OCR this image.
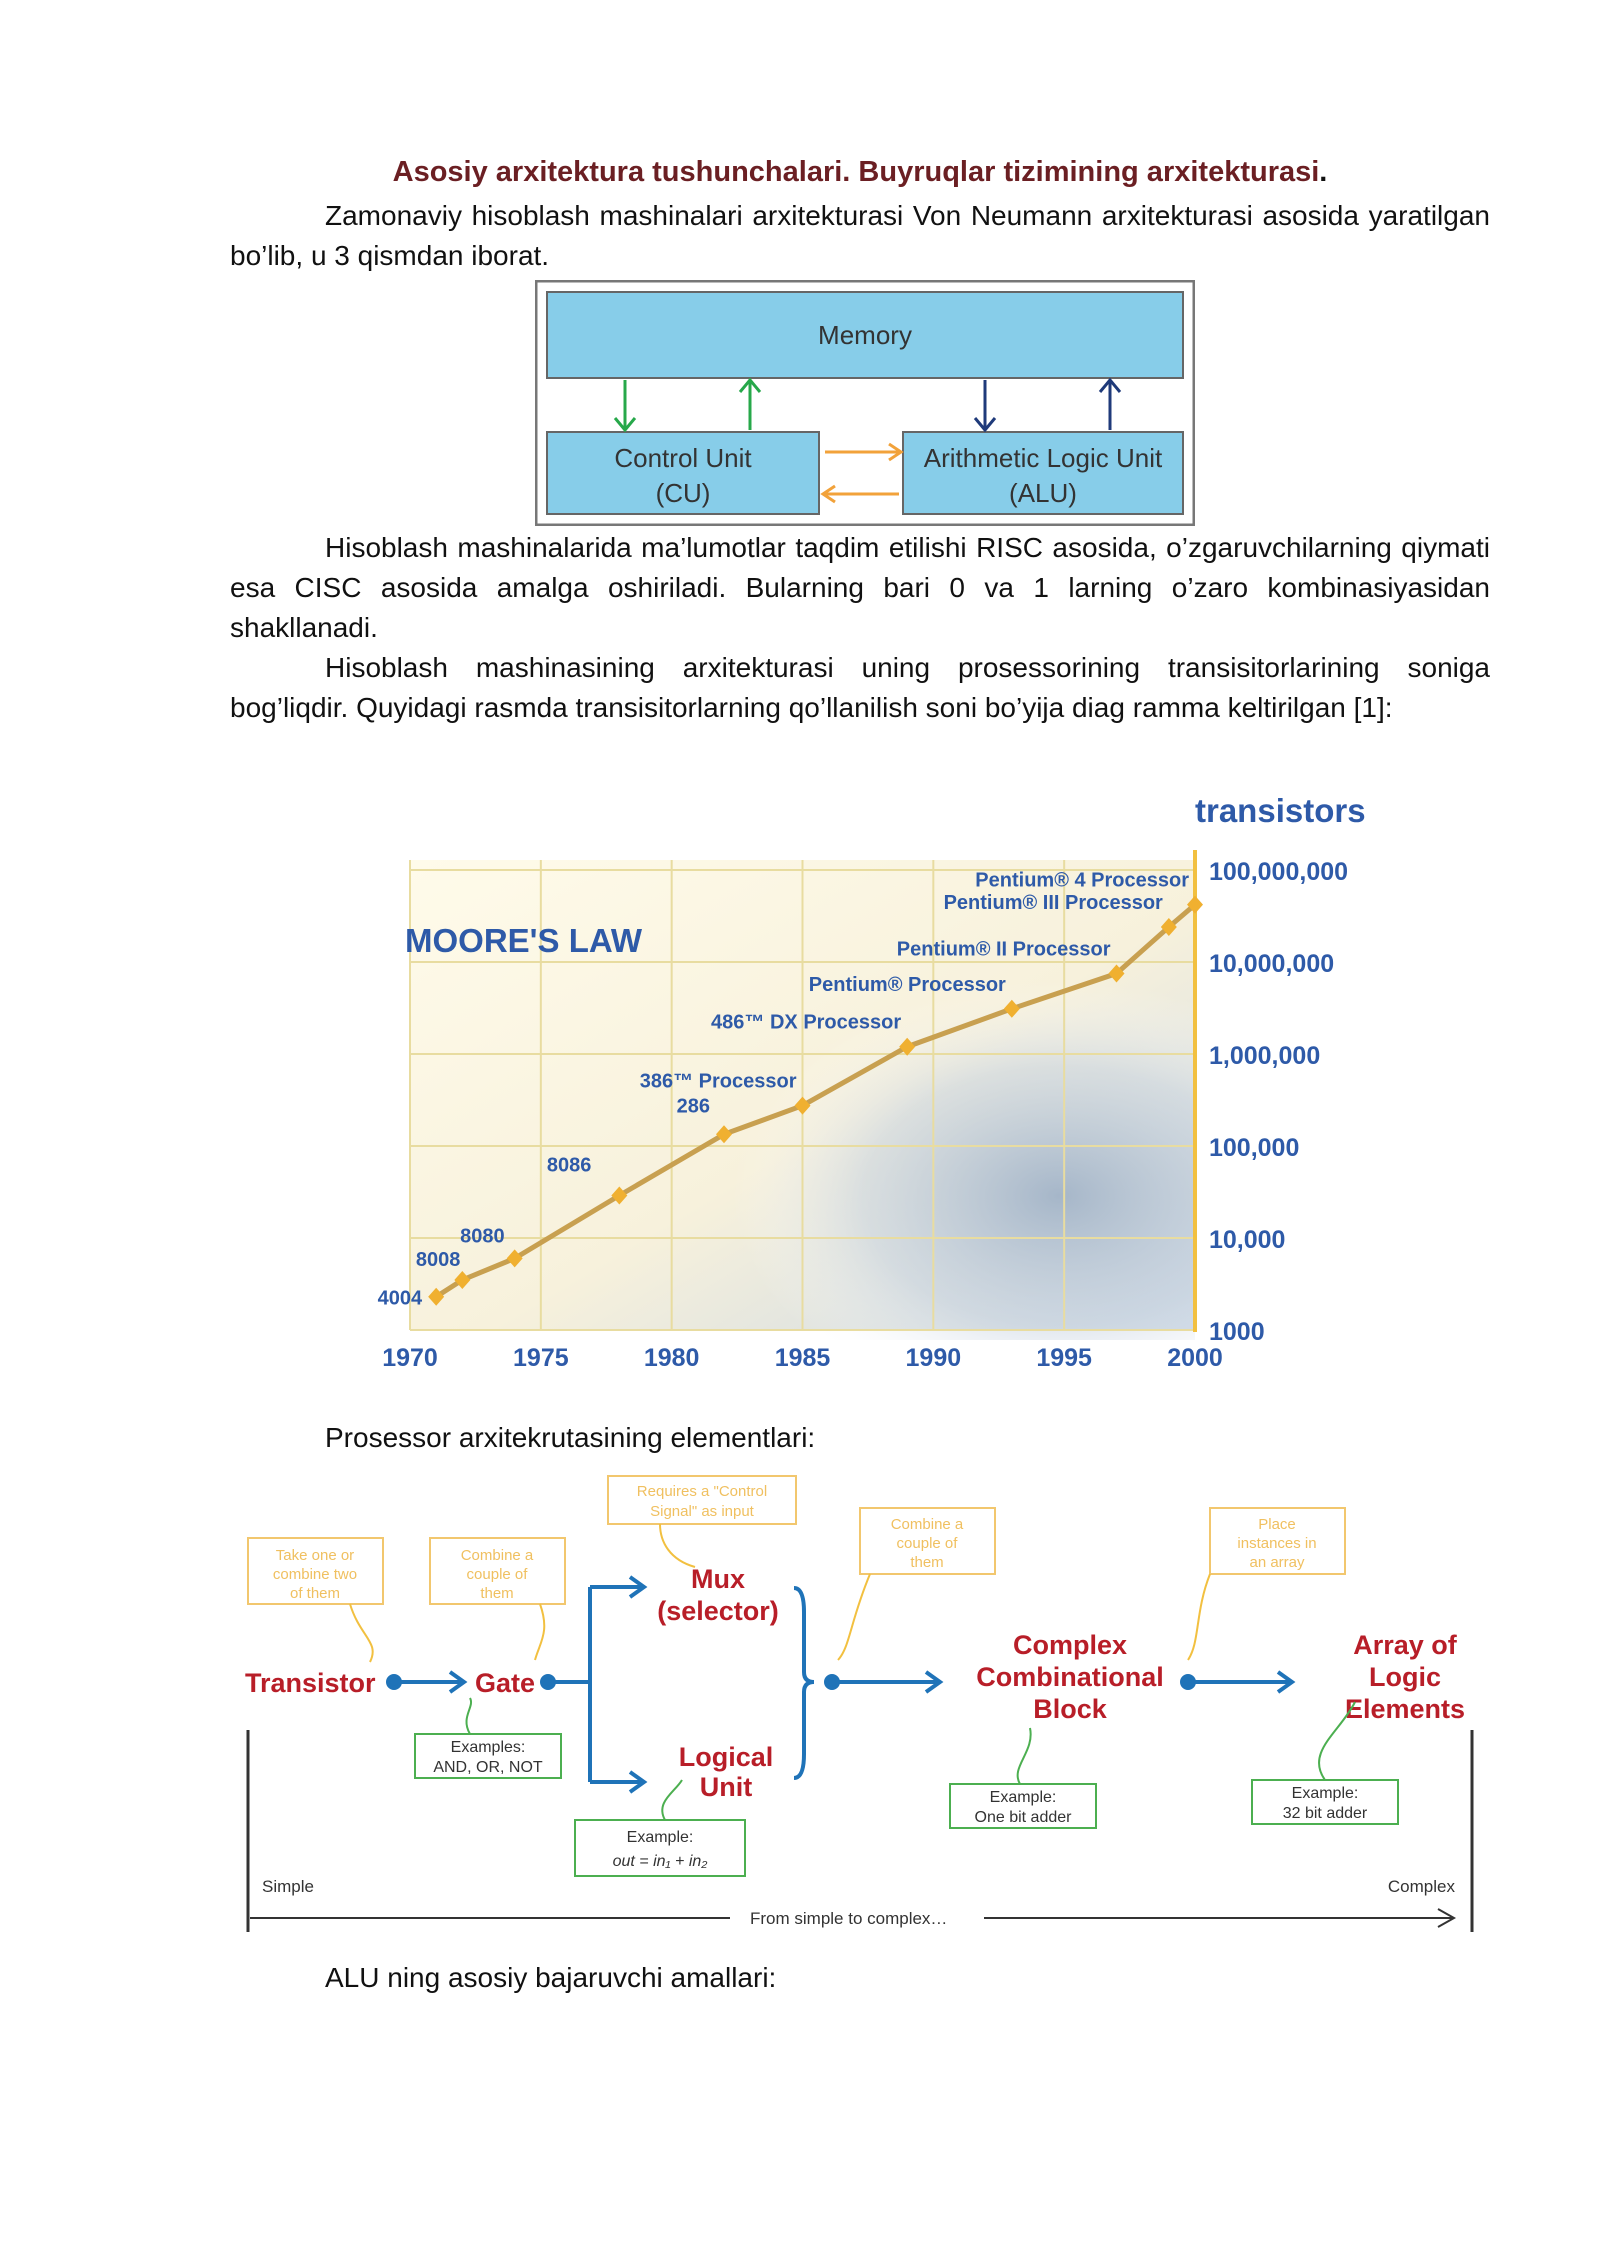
Asosiy arxitektura tushunchalari. Buyruqlar tizimining arxitekturasi.

Zamonaviy hisoblash mashinalari arxitekturasi Von Neumann arxitekturasi asosida yaratilgan bo’lib, u 3 qismdan iborat.

Memory
Control Unit
(CU)
Arithmetic Logic Unit
(ALU)

Hisoblash mashinalarida ma’lumotlar taqdim etilishi RISC asosida, o’zgaruvchilarning qiymati esa CISC asosida amalga oshiriladi. Bularning bari 0 va 1 larning o’zaro kombinasiyasidan shakllanadi.

Hisoblash mashinasining arxitekturasi uning prosessorining transisitorlarining soniga bog’liqdir. Quyidagi rasmda transisitorlarning qo’llanilish soni bo’yija diag ramma keltirilgan [1]:

MOORE'S LAW
transistors
1000
10,000
100,000
1,000,000
10,000,000
100,000,000
1970	1975	1980	1985	1990	1995	2000
4004
8008
8080
8086
286
386™ Processor
486™ DX Processor
Pentium® Processor
Pentium® II Processor
Pentium® III Processor
Pentium® 4 Processor

Prosessor arxitekrutasining elementlari:

Take one or
combine two
of them
Combine a
couple of
them
Requires a "Control
Signal" as input
Combine a
couple of
them
Place
instances in
an array
Transistor	Gate
Mux
(selector)
Logical
Unit
Complex
Combinational
Block
Array of
Logic
Elements
Examples:
AND, OR, NOT
Example:
out = in₁ + in₂
Example:
One bit adder
Example:
32 bit adder
Simple	Complex
From simple to complex…

ALU ning asosiy bajaruvchi amallari:
